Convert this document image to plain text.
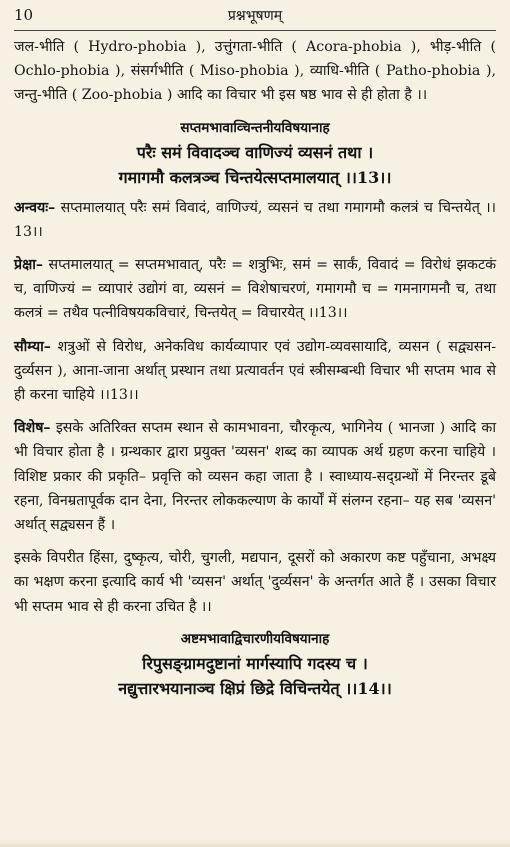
10	प्रश्नभूषणम्

जल-भीति ( Hydro-phobia ), उत्तुंगता-भीति ( Acora-phobia ), भीड़-भीति ( Ochlo-phobia ), संसर्गभीति ( Miso-phobia ), व्याधि-भीति ( Patho-phobia ), जन्तु-भीति ( Zoo-phobia ) आदि का विचार भी इस षष्ठ भाव से ही होता है ।।

सप्तमभावाव्चिन्तनीयविषयानाह

परैः समं विवादञ्च वाणिज्यं व्यसनं तथा ।

गमागमौ कलत्रञ्च चिन्तयेत्सप्तमालयात् ।।13।।

अन्वयः– सप्तमालयात् परैः समं विवादं, वाणिज्यं, व्यसनं च तथा गमागमौ कलत्रं च चिन्तयेत् ।।13।।

प्रेक्षा– सप्तमालयात् = सप्तमभावात्, परैः = शत्रुभिः, समं = सार्कं, विवादं = विरोधं झकटकं च, वाणिज्यं = व्यापारं उद्योगं वा, व्यसनं = विशेषाचरणं, गमागमौ च = गमनागमनौ च, तथा कलत्रं = तथैव पत्नीविषयकविचारं, चिन्तयेत् = विचारयेत् ।।13।।

सौम्या– शत्रुओं से विरोध, अनेकविध कार्यव्यापार एवं उद्योग-व्यवसायादि, व्यसन ( सद्व्यसन-दुर्व्यसन ), आना-जाना अर्थात् प्रस्थान तथा प्रत्यावर्तन एवं स्त्रीसम्बन्धी विचार भी सप्तम भाव से ही करना चाहिये ।।13।।

विशेष– इसके अतिरिक्त सप्तम स्थान से कामभावना, चौरकृत्य, भागिनेय ( भानजा ) आदि का भी विचार होता है । ग्रन्थकार द्वारा प्रयुक्त 'व्यसन' शब्द का व्यापक अर्थ ग्रहण करना चाहिये । विशिष्ट प्रकार की प्रकृति– प्रवृत्ति को व्यसन कहा जाता है । स्वाध्याय-सद्ग्रन्थों में निरन्तर डूबे रहना, विनम्रतापूर्वक दान देना, निरन्तर लोककल्याण के कार्यों में संलग्न रहना– यह सब 'व्यसन' अर्थात् सद्व्यसन हैं ।

इसके विपरीत हिंसा, दुष्कृत्य, चोरी, चुगली, मद्यपान, दूसरों को अकारण कष्ट पहुँचाना, अभक्ष्य का भक्षण करना इत्यादि कार्य भी 'व्यसन' अर्थात् 'दुर्व्यसन' के अन्तर्गत आते हैं । उसका विचार भी सप्तम भाव से ही करना उचित है ।।

अष्टमभावाद्विचारणीयविषयानाह

रिपुसङ्ग्रामदुष्टानां मार्गस्यापि गदस्य च ।

नद्युत्तारभयानाञ्च क्षिप्रं छिद्रे विचिन्तयेत् ।।14।।
